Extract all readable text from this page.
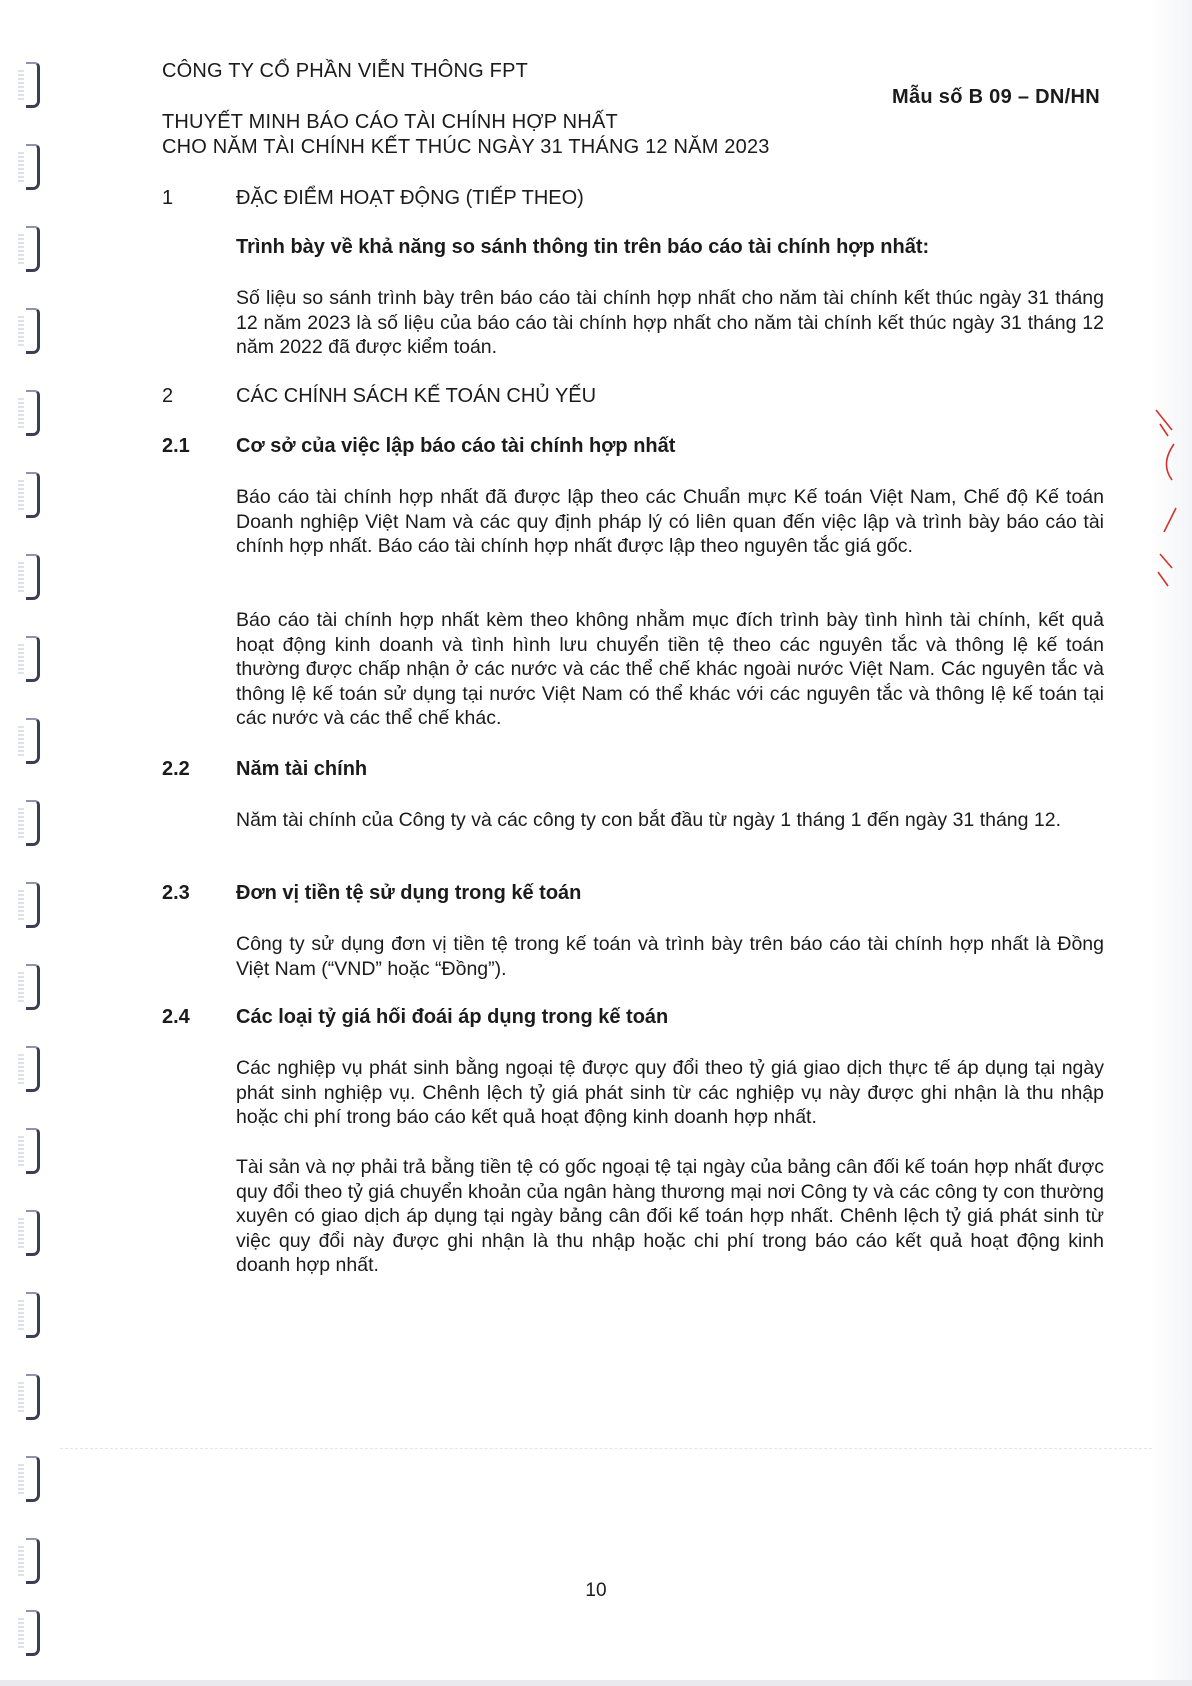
CÔNG TY CỔ PHẦN VIỄN THÔNG FPT
THUYẾT MINH BÁO CÁO TÀI CHÍNH HỢP NHẤT
CHO NĂM TÀI CHÍNH KẾT THÚC NGÀY 31 THÁNG 12 NĂM 2023
Mẫu số B 09 – DN/HN
1	ĐẶC ĐIỂM HOẠT ĐỘNG (TIẾP THEO)
Trình bày về khả năng so sánh thông tin trên báo cáo tài chính hợp nhất:

Số liệu so sánh trình bày trên báo cáo tài chính hợp nhất cho năm tài chính kết thúc ngày 31 tháng 12 năm 2023 là số liệu của báo cáo tài chính hợp nhất cho năm tài chính kết thúc ngày 31 tháng 12 năm 2022 đã được kiểm toán.

2	CÁC CHÍNH SÁCH KẾ TOÁN CHỦ YẾU
2.1 Cơ sở của việc lập báo cáo tài chính hợp nhất

Báo cáo tài chính hợp nhất đã được lập theo các Chuẩn mực Kế toán Việt Nam, Chế độ Kế toán Doanh nghiệp Việt Nam và các quy định pháp lý có liên quan đến việc lập và trình bày báo cáo tài chính hợp nhất. Báo cáo tài chính hợp nhất được lập theo nguyên tắc giá gốc.

Báo cáo tài chính hợp nhất kèm theo không nhằm mục đích trình bày tình hình tài chính, kết quả hoạt động kinh doanh và tình hình lưu chuyển tiền tệ theo các nguyên tắc và thông lệ kế toán thường được chấp nhận ở các nước và các thể chế khác ngoài nước Việt Nam. Các nguyên tắc và thông lệ kế toán sử dụng tại nước Việt Nam có thể khác với các nguyên tắc và thông lệ kế toán tại các nước và các thể chế khác.

2.2 Năm tài chính

Năm tài chính của Công ty và các công ty con bắt đầu từ ngày 1 tháng 1 đến ngày 31 tháng 12.

2.3 Đơn vị tiền tệ sử dụng trong kế toán

Công ty sử dụng đơn vị tiền tệ trong kế toán và trình bày trên báo cáo tài chính hợp nhất là Đồng Việt Nam (“VND” hoặc “Đồng”).

2.4 Các loại tỷ giá hối đoái áp dụng trong kế toán

Các nghiệp vụ phát sinh bằng ngoại tệ được quy đổi theo tỷ giá giao dịch thực tế áp dụng tại ngày phát sinh nghiệp vụ. Chênh lệch tỷ giá phát sinh từ các nghiệp vụ này được ghi nhận là thu nhập hoặc chi phí trong báo cáo kết quả hoạt động kinh doanh hợp nhất.

Tài sản và nợ phải trả bằng tiền tệ có gốc ngoại tệ tại ngày của bảng cân đối kế toán hợp nhất được quy đổi theo tỷ giá chuyển khoản của ngân hàng thương mại nơi Công ty và các công ty con thường xuyên có giao dịch áp dụng tại ngày bảng cân đối kế toán hợp nhất. Chênh lệch tỷ giá phát sinh từ việc quy đổi này được ghi nhận là thu nhập hoặc chi phí trong báo cáo kết quả hoạt động kinh doanh hợp nhất.

10
